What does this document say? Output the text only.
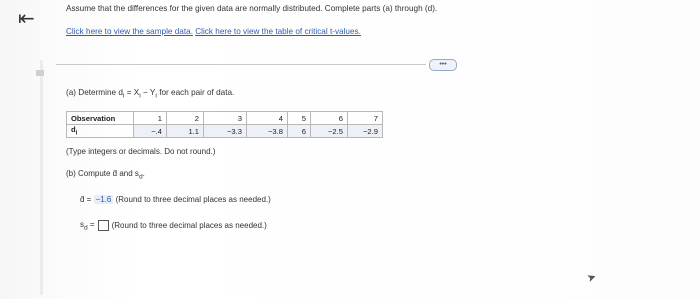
⇤	Assume that the differences for the given data are normally distributed. Complete parts (a) through (d).
Click here to view the sample data. Click here to view the table of critical t-values.
•••
(a) Determine $d_i = X_i - Y_i$ for each pair of data.
Observation	1	2	3	4	5	6	7
$d_i$	−.4	1.1	−3.3	−3.8	6	−2.5	−2.9
(Type integers or decimals. Do not round.)
(b) Compute d̄ and $s_d$.
d̄ = −1.6 (Round to three decimal places as needed.)
$s_d$ = (Round to three decimal places as needed.)
➤
